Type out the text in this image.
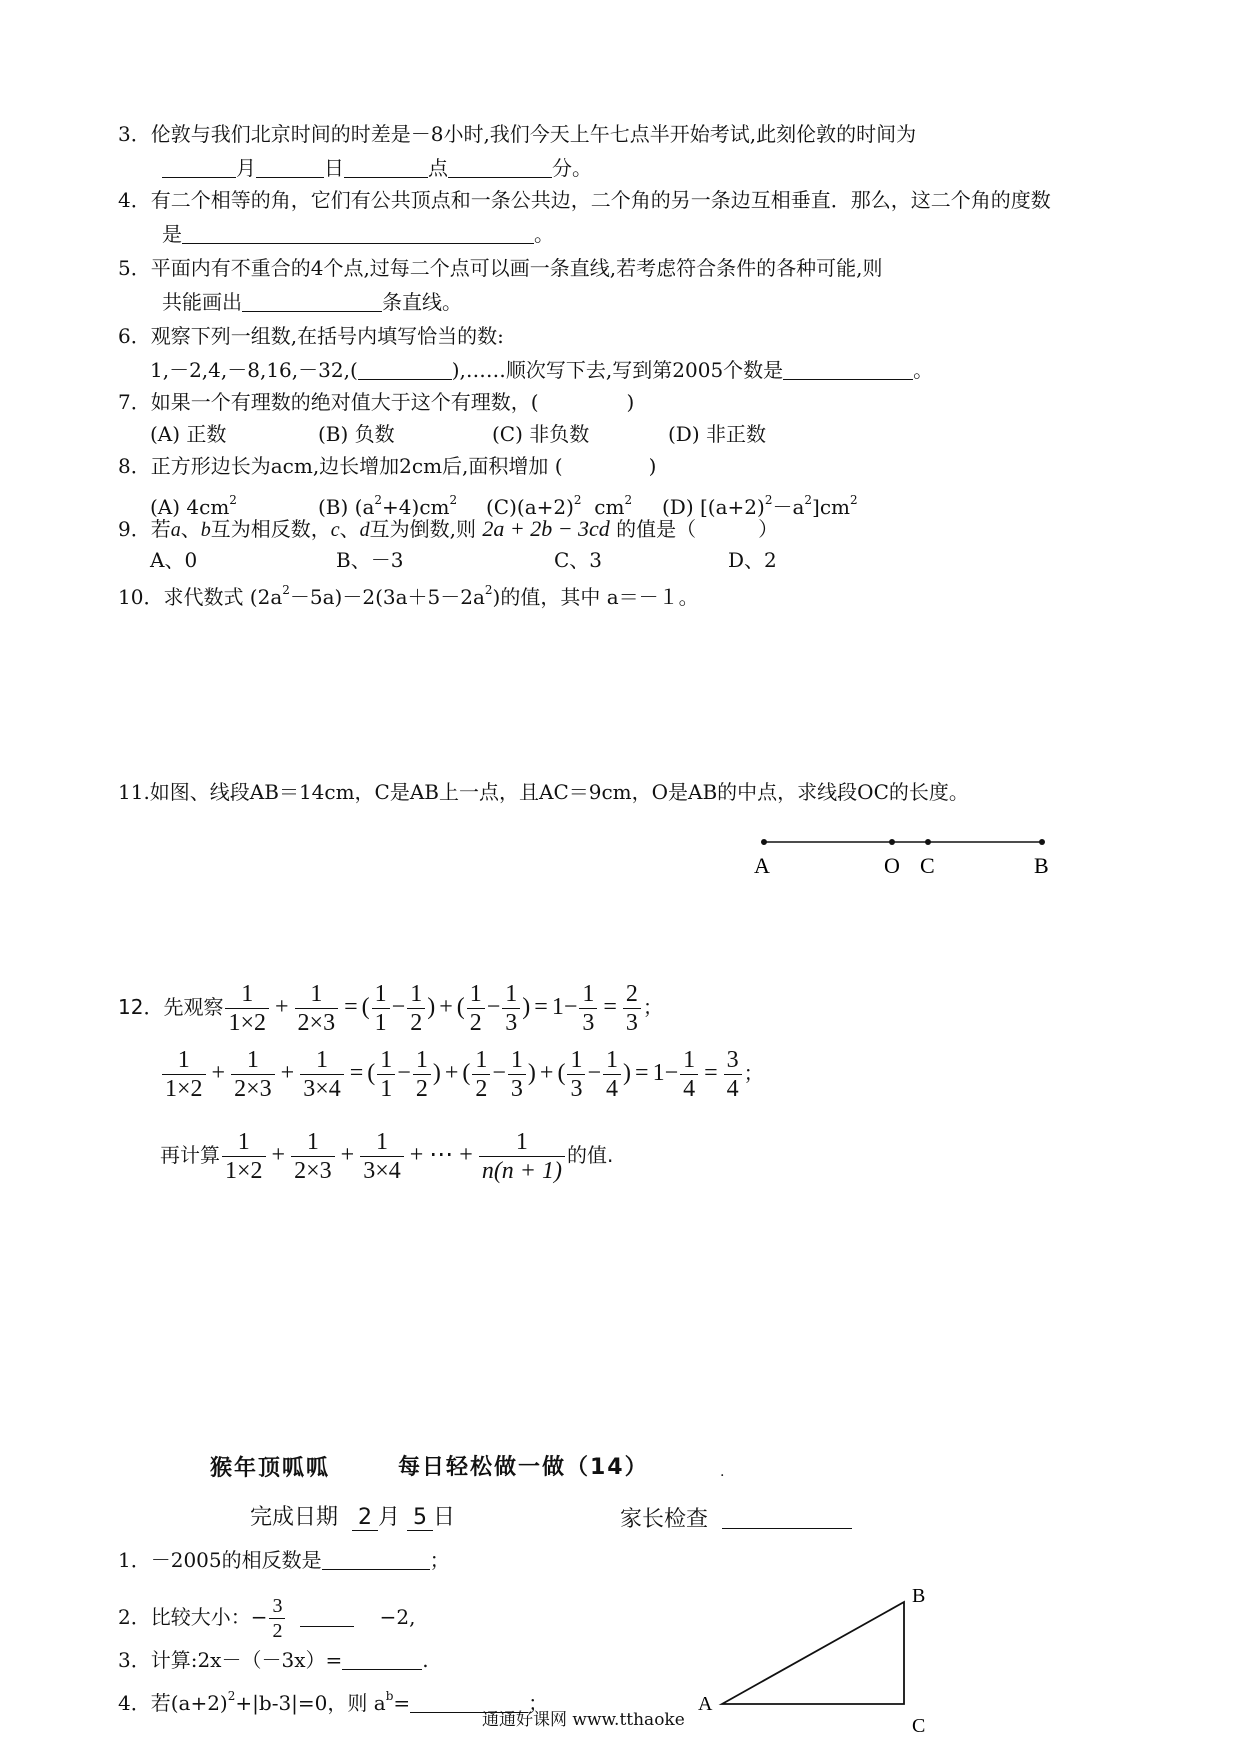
3．伦敦与我们北京时间的时差是－8小时,我们今天上午七点半开始考试,此刻伦敦的时间为
月	日	点	分。
4．有二个相等的角，它们有公共顶点和一条公共边，二个角的另一条边互相垂直．那么，这二个角的度数
是	。
5．平面内有不重合的4个点,过每二个点可以画一条直线,若考虑符合条件的各种可能,则
共能画出	条直线。
6．观察下列一组数,在括号内填写恰当的数:
1,－2,4,－8,16,－32,(	),……顺次写下去,写到第2005个数是	。
7．如果一个有理数的绝对值大于这个有理数，(	)
(A) 正数	(B) 负数	(C) 非负数	(D) 非正数
8．正方形边长为acm,边长增加2cm后,面积增加 (	)
(A) $4cm^2$	(B) $(a^2+4)cm^2$ $(C)(a+2)^2$ $cm^2$ (D) $[(a+2)^2-a^2]cm^2$
9．若a、b互为相反数，c、d互为倒数,则 2a + 2b − 3cd 的值是（	）
A、0	B、－3	C、3	D、2
10．求代数式 $(2a^2-5a)-2(3a+5-2a^2)$的值，其中 a＝－１。
11.如图、线段AB＝14cm，C是AB上一点，且AC＝9cm，O是AB的中点，求线段OC的长度。
A	O C	B
12．先观察 $\frac{1}{1\times 2} + \frac{1}{2\times 3}$ = ( $\frac{1}{1} - \frac{1}{2}$ ) + ( $\frac{1}{2} - \frac{1}{3}$ ) = $1- \frac{1}{3} = \frac{2}{3}$ ；
$\frac{1}{1\times 2} + \frac{1}{2\times 3} + \frac{1}{3\times 4}$ = ( $\frac{1}{1} - \frac{1}{2}$ ) + ( $\frac{1}{2} - \frac{1}{3}$ ) + ( $\frac{1}{3} - \frac{1}{4}$ ) = $1- \frac{1}{4} = \frac{3}{4}$ ；
再计算 $\frac{1}{1\times 2} + \frac{1}{2\times 3} + \frac{1}{3\times 4}$ + ⋯ + $\frac{1}{n(n + 1)}$ 的值.
猴年顶呱呱	每日轻松做一做（14）	.
完成日期 2 月 5 日	家长检查
1．－2005的相反数是	；
2．比较大小：− $\frac{3}{2}$	−2,
3．计算:2x－（－3x）=	.
4．若$(a+2)^2+|b-3|=0$，则 $a^b=$	；	A
B
C
通通好课网 www.tthaoke
